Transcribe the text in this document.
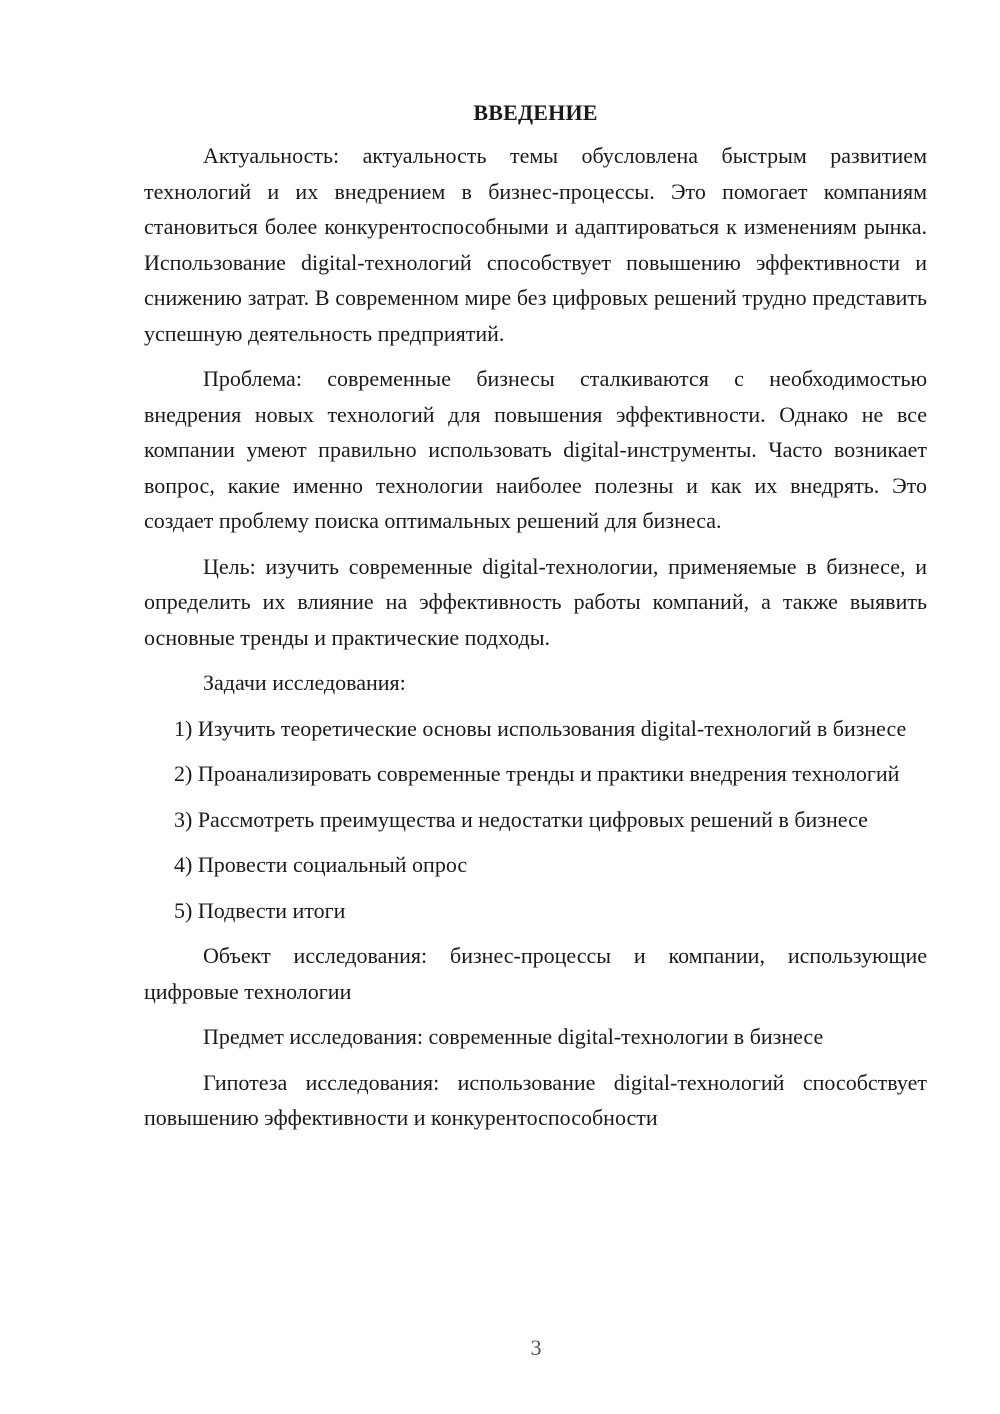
ВВЕДЕНИЕ

Актуальность: актуальность темы обусловлена быстрым развитием технологий и их внедрением в бизнес-процессы. Это помогает компаниям становиться более конкурентоспособными и адаптироваться к изменениям рынка. Использование digital-технологий способствует повышению эффективности и снижению затрат. В современном мире без цифровых решений трудно представить успешную деятельность предприятий.

Проблема: современные бизнесы сталкиваются с необходимостью внедрения новых технологий для повышения эффективности. Однако не все компании умеют правильно использовать digital-инструменты. Часто возникает вопрос, какие именно технологии наиболее полезны и как их внедрять. Это создает проблему поиска оптимальных решений для бизнеса.

Цель: изучить современные digital-технологии, применяемые в бизнесе, и определить их влияние на эффективность работы компаний, а также выявить основные тренды и практические подходы.

Задачи исследования:

1) Изучить теоретические основы использования digital-технологий в бизнесе

2) Проанализировать современные тренды и практики внедрения технологий

3) Рассмотреть преимущества и недостатки цифровых решений в бизнесе

4) Провести социальный опрос

5) Подвести итоги

Объект исследования: бизнес-процессы и компании, использующие цифровые технологии

Предмет исследования: современные digital-технологии в бизнесе

Гипотеза исследования: использование digital-технологий способствует повышению эффективности и конкурентоспособности

3
